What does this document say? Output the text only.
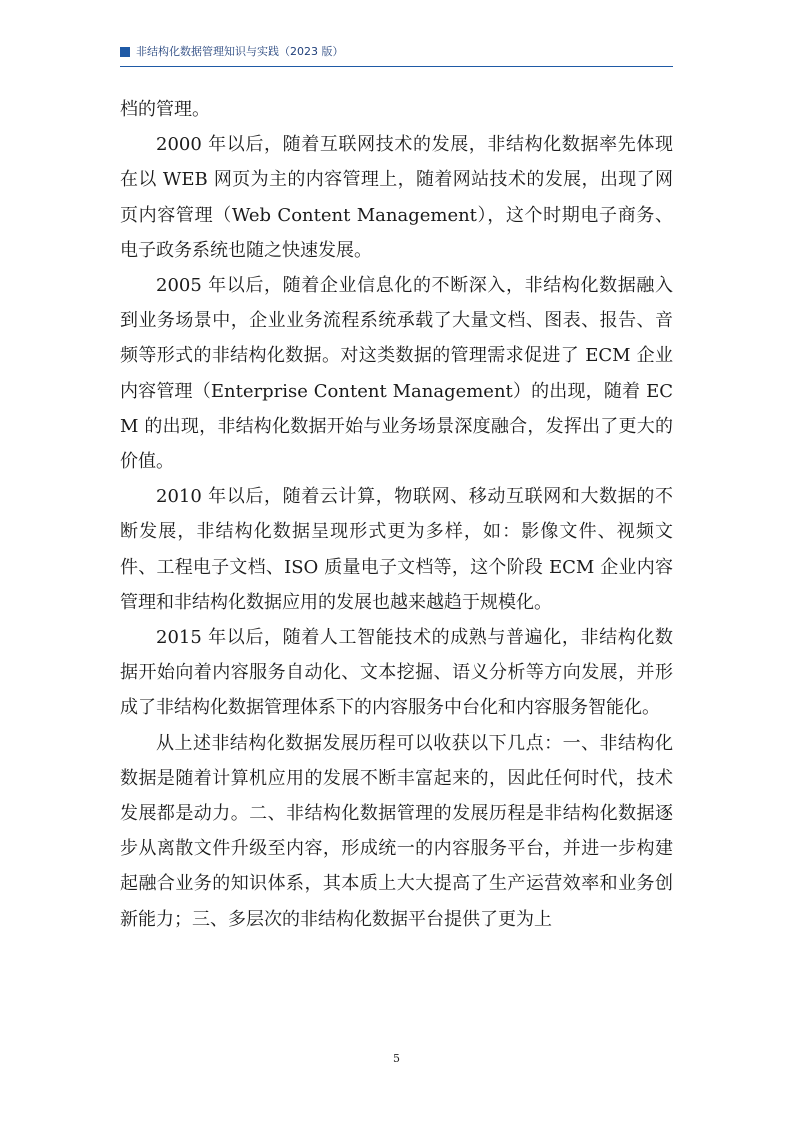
非结构化数据管理知识与实践（2023 版）

档的管理。

2000 年以后，随着互联网技术的发展，非结构化数据率先体现在以 WEB 网页为主的内容管理上，随着网站技术的发展，出现了网页内容管理（Web Content Management），这个时期电子商务、电子政务系统也随之快速发展。

2005 年以后，随着企业信息化的不断深入，非结构化数据融入到业务场景中，企业业务流程系统承载了大量文档、图表、报告、音频等形式的非结构化数据。对这类数据的管理需求促进了 ECM 企业内容管理（Enterprise Content Management）的出现，随着 ECM 的出现，非结构化数据开始与业务场景深度融合，发挥出了更大的价值。

2010 年以后，随着云计算，物联网、移动互联网和大数据的不断发展，非结构化数据呈现形式更为多样，如：影像文件、视频文件、工程电子文档、ISO 质量电子文档等，这个阶段 ECM 企业内容管理和非结构化数据应用的发展也越来越趋于规模化。

2015 年以后，随着人工智能技术的成熟与普遍化，非结构化数据开始向着内容服务自动化、文本挖掘、语义分析等方向发展，并形成了非结构化数据管理体系下的内容服务中台化和内容服务智能化。

从上述非结构化数据发展历程可以收获以下几点：一、非结构化数据是随着计算机应用的发展不断丰富起来的，因此任何时代，技术发展都是动力。二、非结构化数据管理的发展历程是非结构化数据逐步从离散文件升级至内容，形成统一的内容服务平台，并进一步构建起融合业务的知识体系，其本质上大大提高了生产运营效率和业务创新能力；三、多层次的非结构化数据平台提供了更为上

5
